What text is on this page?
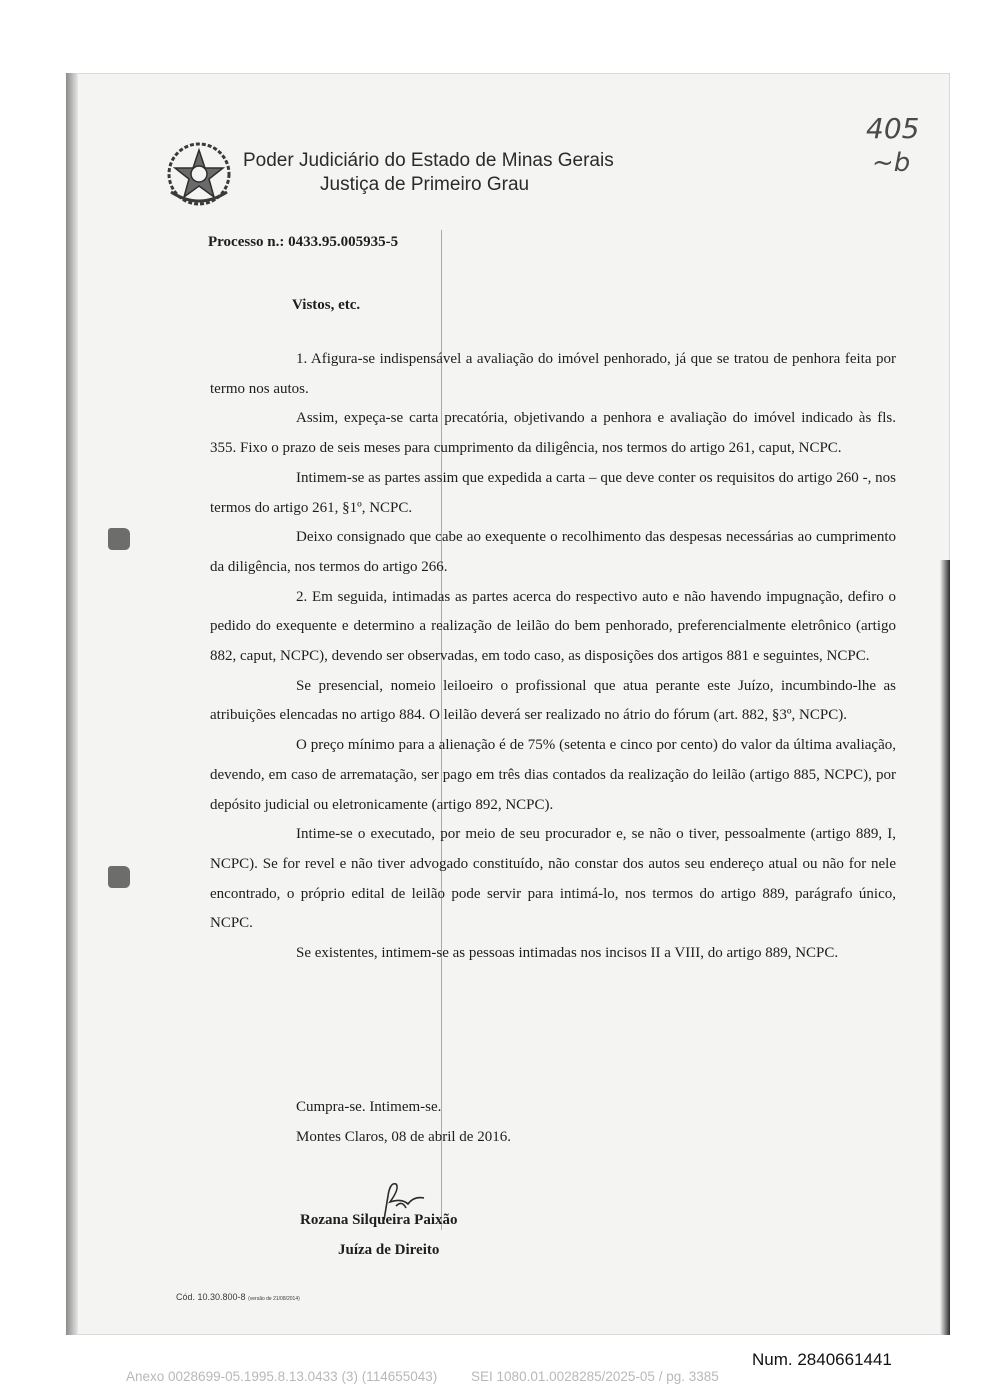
Poder Judiciário do Estado de Minas Gerais
Justiça de Primeiro Grau
405
~b
Processo n.: 0433.95.005935-5
Vistos, etc.

1. Afigura-se indispensável a avaliação do imóvel penhorado, já que se tratou de penhora feita por termo nos autos.

Assim, expeça-se carta precatória, objetivando a penhora e avaliação do imóvel indicado às fls. 355. Fixo o prazo de seis meses para cumprimento da diligência, nos termos do artigo 261, caput, NCPC.

Intimem-se as partes assim que expedida a carta – que deve conter os requisitos do artigo 260 -, nos termos do artigo 261, §1º, NCPC.

Deixo consignado que cabe ao exequente o recolhimento das despesas necessárias ao cumprimento da diligência, nos termos do artigo 266.

2. Em seguida, intimadas as partes acerca do respectivo auto e não havendo impugnação, defiro o pedido do exequente e determino a realização de leilão do bem penhorado, preferencialmente eletrônico (artigo 882, caput, NCPC), devendo ser observadas, em todo caso, as disposições dos artigos 881 e seguintes, NCPC.

Se presencial, nomeio leiloeiro o profissional que atua perante este Juízo, incumbindo-lhe as atribuições elencadas no artigo 884. O leilão deverá ser realizado no átrio do fórum (art. 882, §3º, NCPC).

O preço mínimo para a alienação é de 75% (setenta e cinco por cento) do valor da última avaliação, devendo, em caso de arrematação, ser pago em três dias contados da realização do leilão (artigo 885, NCPC), por depósito judicial ou eletronicamente (artigo 892, NCPC).

Intime-se o executado, por meio de seu procurador e, se não o tiver, pessoalmente (artigo 889, I, NCPC). Se for revel e não tiver advogado constituído, não constar dos autos seu endereço atual ou não for nele encontrado, o próprio edital de leilão pode servir para intimá-lo, nos termos do artigo 889, parágrafo único, NCPC.

Se existentes, intimem-se as pessoas intimadas nos incisos II a VIII, do artigo 889, NCPC.

Cumpra-se. Intimem-se.
Montes Claros, 08 de abril de 2016.
Rozana Silqueira Paixão
Juíza de Direito
Cód. 10.30.800-8 (versão de 21/08/2014)
Num. 2840661441
Anexo 0028699-05.1995.8.13.0433 (3) (114655043)	SEI 1080.01.0028285/2025-05 / pg. 3385
